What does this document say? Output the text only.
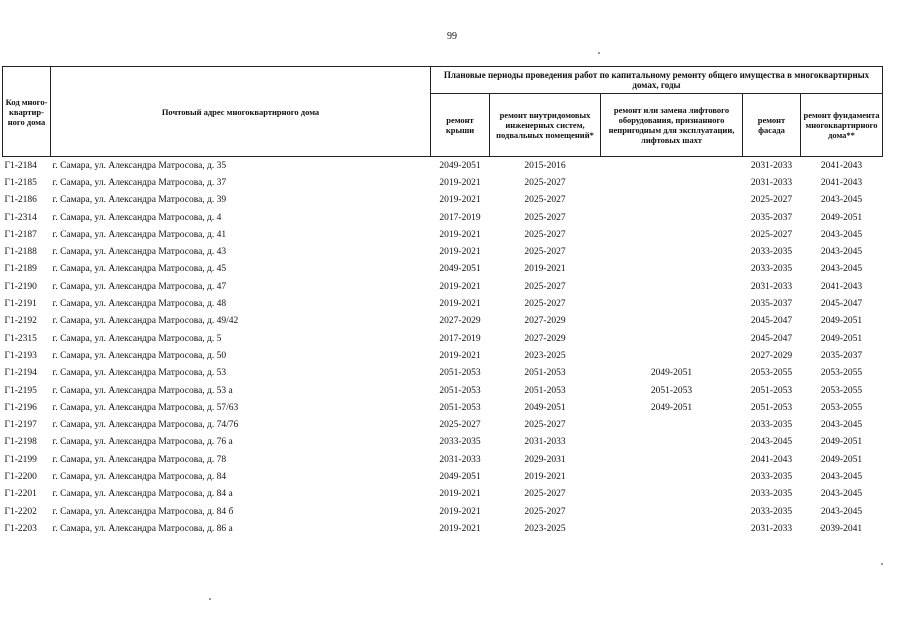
99
Код много-квартир-ного дома	Почтовый адрес многоквартирного дома	Плановые периоды проведения работ по капитальному ремонту общего имущества в многоквартирных домах, годы				
		ремонт крыши	ремонт внутридомовых инженерных систем, подвальных помещений*	ремонт или замена лифтового оборудования, признанного непригодным для эксплуатации, лифтовых шахт	ремонт фасада	ремонт фундамента многоквартирного дома**
Г1-2184	г. Самара, ул. Александра Матросова, д. 35	2049-2051	2015-2016		2031-2033	2041-2043
Г1-2185	г. Самара, ул. Александра Матросова, д. 37	2019-2021	2025-2027		2031-2033	2041-2043
Г1-2186	г. Самара, ул. Александра Матросова, д. 39	2019-2021	2025-2027		2025-2027	2043-2045
Г1-2314	г. Самара, ул. Александра Матросова, д. 4	2017-2019	2025-2027		2035-2037	2049-2051
Г1-2187	г. Самара, ул. Александра Матросова, д. 41	2019-2021	2025-2027		2025-2027	2043-2045
Г1-2188	г. Самара, ул. Александра Матросова, д. 43	2019-2021	2025-2027		2033-2035	2043-2045
Г1-2189	г. Самара, ул. Александра Матросова, д. 45	2049-2051	2019-2021		2033-2035	2043-2045
Г1-2190	г. Самара, ул. Александра Матросова, д. 47	2019-2021	2025-2027		2031-2033	2041-2043
Г1-2191	г. Самара, ул. Александра Матросова, д. 48	2019-2021	2025-2027		2035-2037	2045-2047
Г1-2192	г. Самара, ул. Александра Матросова, д. 49/42	2027-2029	2027-2029		2045-2047	2049-2051
Г1-2315	г. Самара, ул. Александра Матросова, д. 5	2017-2019	2027-2029		2045-2047	2049-2051
Г1-2193	г. Самара, ул. Александра Матросова, д. 50	2019-2021	2023-2025		2027-2029	2035-2037
Г1-2194	г. Самара, ул. Александра Матросова, д. 53	2051-2053	2051-2053	2049-2051	2053-2055	2053-2055
Г1-2195	г. Самара, ул. Александра Матросова, д. 53 а	2051-2053	2051-2053	2051-2053	2051-2053	2053-2055
Г1-2196	г. Самара, ул. Александра Матросова, д. 57/63	2051-2053	2049-2051	2049-2051	2051-2053	2053-2055
Г1-2197	г. Самара, ул. Александра Матросова, д. 74/76	2025-2027	2025-2027		2033-2035	2043-2045
Г1-2198	г. Самара, ул. Александра Матросова, д. 76 а	2033-2035	2031-2033		2043-2045	2049-2051
Г1-2199	г. Самара, ул. Александра Матросова, д. 78	2031-2033	2029-2031		2041-2043	2049-2051
Г1-2200	г. Самара, ул. Александра Матросова, д. 84	2049-2051	2019-2021		2033-2035	2043-2045
Г1-2201	г. Самара, ул. Александра Матросова, д. 84 а	2019-2021	2025-2027		2033-2035	2043-2045
Г1-2202	г. Самара, ул. Александра Матросова, д. 84 б	2019-2021	2025-2027		2033-2035	2043-2045
Г1-2203	г. Самара, ул. Александра Матросова, д. 86 а	2019-2021	2023-2025		2031-2033	2039-2041
